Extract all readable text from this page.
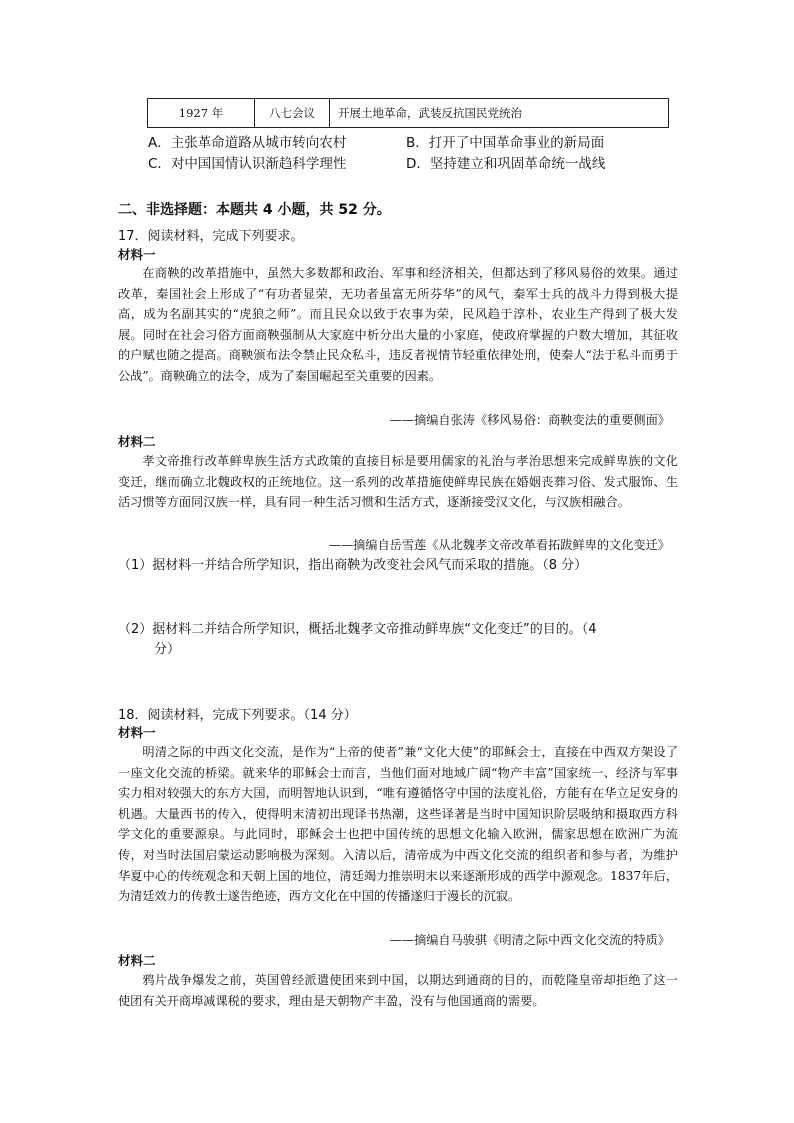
1927 年	八七会议	开展土地革命，武装反抗国民党统治
A．主张革命道路从城市转向农村	B．打开了中国革命事业的新局面
C．对中国国情认识渐趋科学理性	D．坚持建立和巩固革命统一战线
二、非选择题：本题共 4 小题，共 52 分。
17．阅读材料，完成下列要求。
材料一

在商鞅的改革措施中，虽然大多数都和政治、军事和经济相关，但都达到了移风易俗的效果。通过改革，秦国社会上形成了“有功者显荣，无功者虽富无所芬华”的风气，秦军士兵的战斗力得到极大提高，成为名副其实的“虎狼之师”。而且民众以致于农事为荣，民风趋于淳朴，农业生产得到了极大发展。同时在社会习俗方面商鞅强制从大家庭中析分出大量的小家庭，使政府掌握的户数大增加，其征收的户赋也随之提高。商鞅颁布法令禁止民众私斗，违反者视情节轻重依律处刑，使秦人“法于私斗而勇于公战”。商鞅确立的法令，成为了秦国崛起至关重要的因素。

——摘编自张涛《移风易俗：商鞅变法的重要侧面》
材料二

孝文帝推行改革鲜卑族生活方式政策的直接目标是要用儒家的礼治与孝治思想来完成鲜卑族的文化变迁，继而确立北魏政权的正统地位。这一系列的改革措施使鲜卑民族在婚姻丧葬习俗、发式服饰、生活习惯等方面同汉族一样，具有同一种生活习惯和生活方式，逐渐接受汉文化，与汉族相融合。

——摘编自岳雪莲《从北魏孝文帝改革看拓跋鲜卑的文化变迁》
（1）据材料一并结合所学知识，指出商鞅为改变社会风气而采取的措施。（8 分）
（2）据材料二并结合所学知识，概括北魏孝文帝推动鲜卑族“文化变迁”的目的。（4
分）
18．阅读材料，完成下列要求。（14 分）
材料一

明清之际的中西文化交流，是作为“上帝的使者”兼“文化大使”的耶稣会士，直接在中西双方架设了一座文化交流的桥梁。就来华的耶稣会士而言，当他们面对地域广阔“物产丰富”国家统一、经济与军事实力相对较强大的东方大国，而明智地认识到，“唯有遵循恪守中国的法度礼俗，方能有在华立足安身的机遇。大量西书的传入，使得明末清初出现译书热潮，这些译著是当时中国知识阶层吸纳和摄取西方科学文化的重要源泉。与此同时，耶稣会士也把中国传统的思想文化输入欧洲，儒家思想在欧洲广为流传，对当时法国启蒙运动影响极为深刻。入清以后，清帝成为中西文化交流的组织者和参与者，为维护华夏中心的传统观念和天朝上国的地位，清廷竭力推崇明末以来逐渐形成的西学中源观念。1837年后，为清廷效力的传教士遂告绝迹，西方文化在中国的传播遂归于漫长的沉寂。

——摘编自马骏骐《明清之际中西文化交流的特质》
材料二

鸦片战争爆发之前，英国曾经派遣使团来到中国，以期达到通商的目的，而乾隆皇帝却拒绝了这一使团有关开商埠减课税的要求，理由是天朝物产丰盈，没有与他国通商的需要。
